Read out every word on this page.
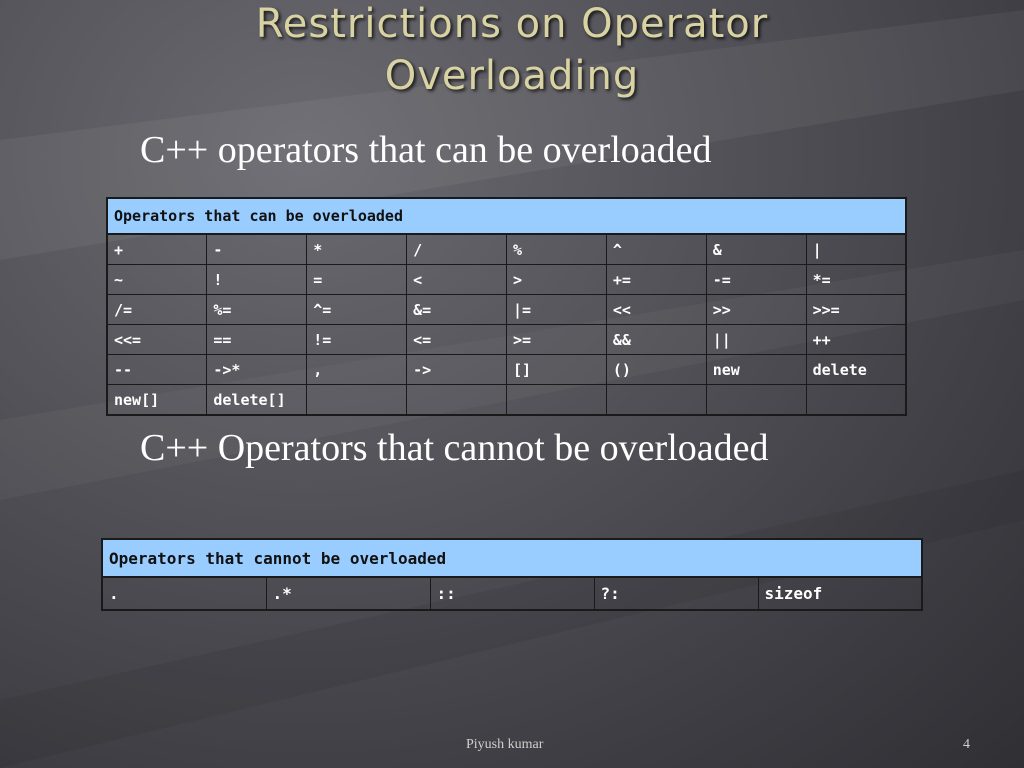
Restrictions on Operator
Overloading
C++ operators that can be overloaded
Operators that can be overloaded							
+	-	*	/	%	^	&	|
~	!	=	<	>	+=	-=	*=
/=	%=	^=	&=	|=	<<	>>	>>=
<<=	==	!=	<=	>=	&&	||	++
--	->*	,	->	[]	()	new	delete
new[]	delete[]						
C++ Operators that cannot be overloaded
Operators that cannot be overloaded
.	.*	::	?:	sizeof
Piyush kumar	4
